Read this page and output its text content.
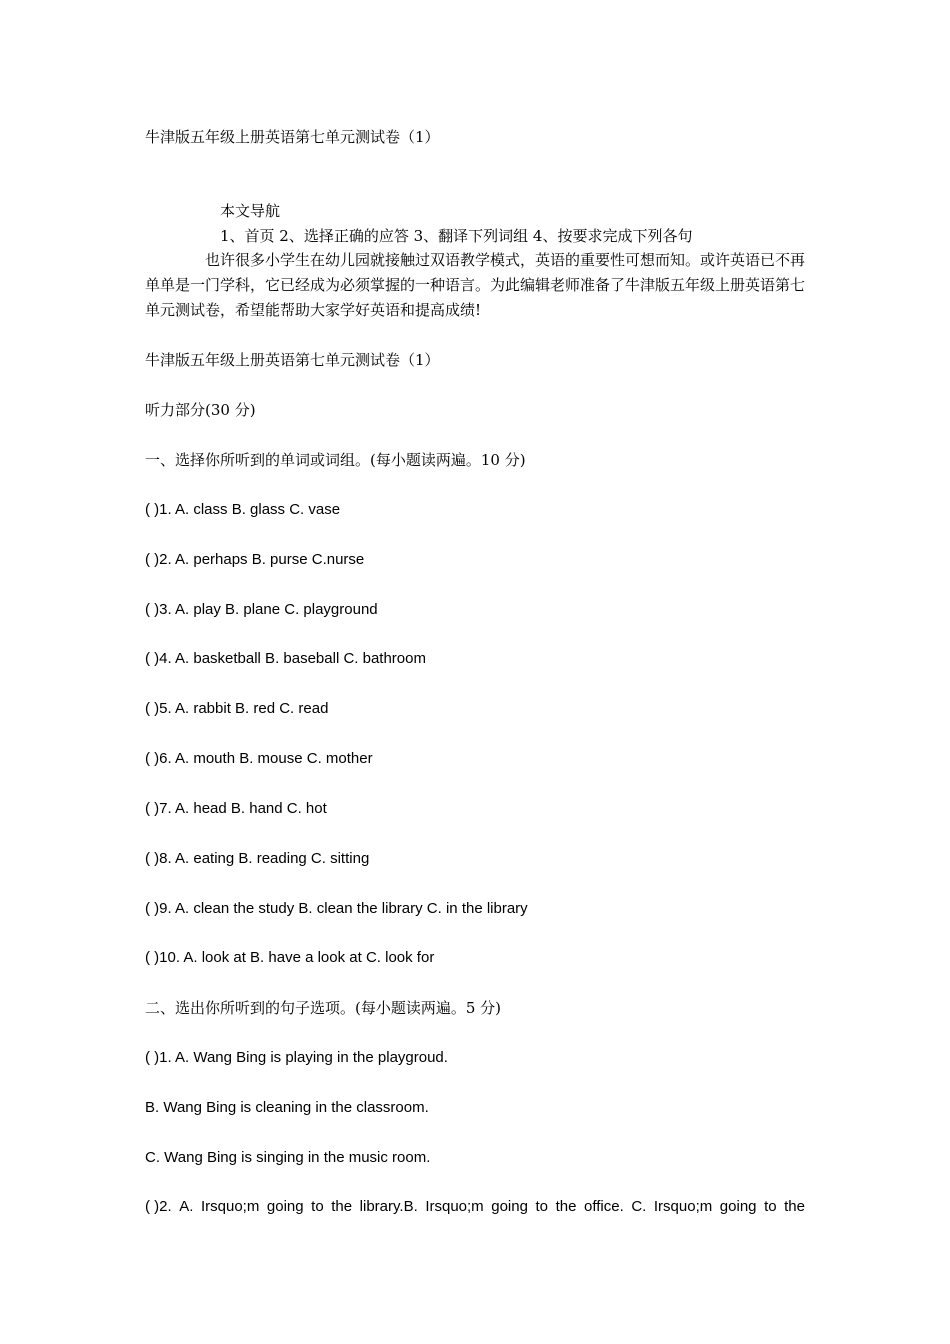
牛津版五年级上册英语第七单元测试卷（1）
本文导航
1、首页 2、选择正确的应答 3、翻译下列词组 4、按要求完成下列各句
也许很多小学生在幼儿园就接触过双语教学模式，英语的重要性可想而知。或许英语已不再单单是一门学科，它已经成为必须掌握的一种语言。为此编辑老师准备了牛津版五年级上册英语第七单元测试卷，希望能帮助大家学好英语和提高成绩!
牛津版五年级上册英语第七单元测试卷（1）
听力部分(30 分)
一、选择你所听到的单词或词组。(每小题读两遍。10 分)
( )1. A. class B. glass C. vase
( )2. A. perhaps B. purse C.nurse
( )3. A. play B. plane C. playground
( )4. A. basketball B. baseball C. bathroom
( )5. A. rabbit B. red C. read
( )6. A. mouth B. mouse C. mother
( )7. A. head B. hand C. hot
( )8. A. eating B. reading C. sitting
( )9. A. clean the study B. clean the library C. in the library
( )10. A. look at B. have a look at C. look for
二、选出你所听到的句子选项。(每小题读两遍。5 分)
( )1. A. Wang Bing is playing in the playgroud.
B. Wang Bing is cleaning in the classroom.
C. Wang Bing is singing in the music room.
( )2. A. Irsquo;m going to the library.B. Irsquo;m going to the office. C. Irsquo;m going to the
